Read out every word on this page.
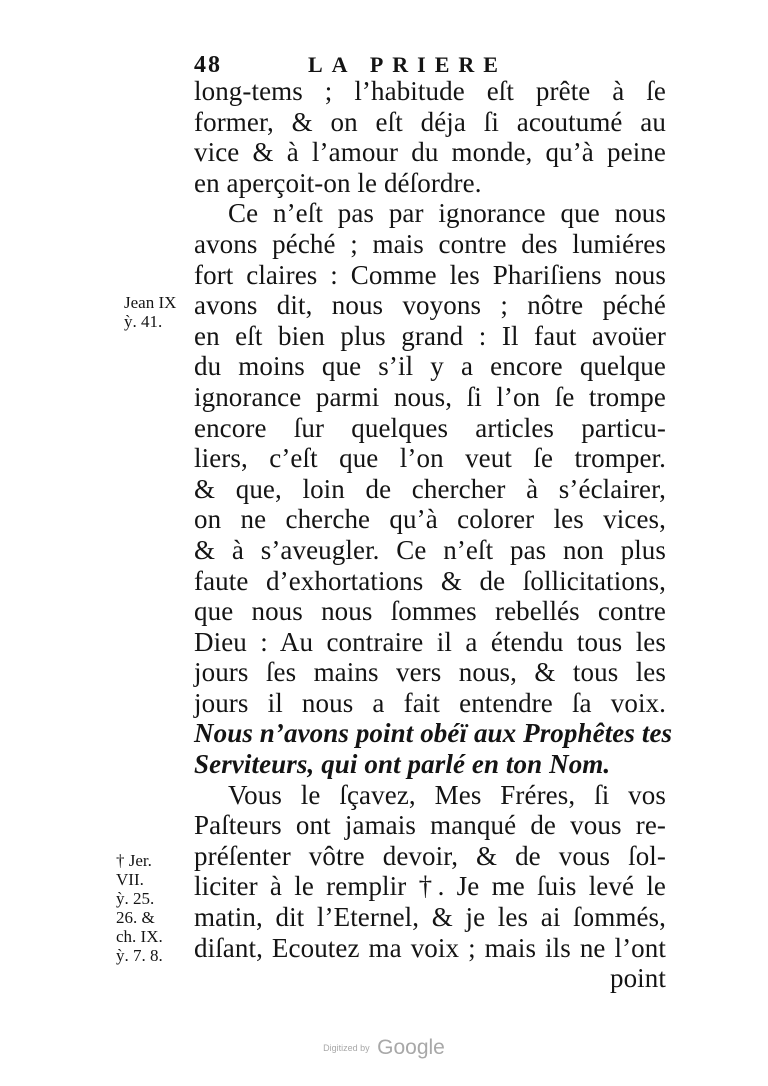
48	LA PRIERE
long-tems ; l’habitude eſt prête à ſe
former, & on eſt déja ſi acoutumé au
vice & à l’amour du monde, qu’à peine
en aperçoit-on le déſordre.
Ce n’eſt pas par ignorance que nous
avons péché ; mais contre des lumiéres
fort claires : Comme les Phariſiens nous
avons dit, nous voyons ; nôtre péché
en eſt bien plus grand : Il faut avoüer
du moins que s’il y a encore quelque
ignorance parmi nous, ſi l’on ſe trompe
encore ſur quelques articles particu-
liers, c’eſt que l’on veut ſe tromper.
& que, loin de chercher à s’éclairer,
on ne cherche qu’à colorer les vices,
& à s’aveugler. Ce n’eſt pas non plus
faute d’exhortations & de ſollicitations,
que nous nous ſommes rebellés contre
Dieu : Au contraire il a étendu tous les
jours ſes mains vers nous, & tous les
jours il nous a fait entendre ſa voix.
Nous n’avons point obéï aux Prophêtes tes
Serviteurs, qui ont parlé en ton Nom.
Vous le ſçavez, Mes Fréres, ſi vos
Paſteurs ont jamais manqué de vous re-
préſenter vôtre devoir, & de vous ſol-
liciter à le remplir †. Je me ſuis levé le
matin, dit l’Eternel, & je les ai ſommés,
diſant, Ecoutez ma voix ; mais ils ne l’ont
point
Jean IX
ỳ. 41.
† Jer.
VII.
ỳ. 25.
26. &
ch. IX.
ỳ. 7. 8.
Digitized by Google
